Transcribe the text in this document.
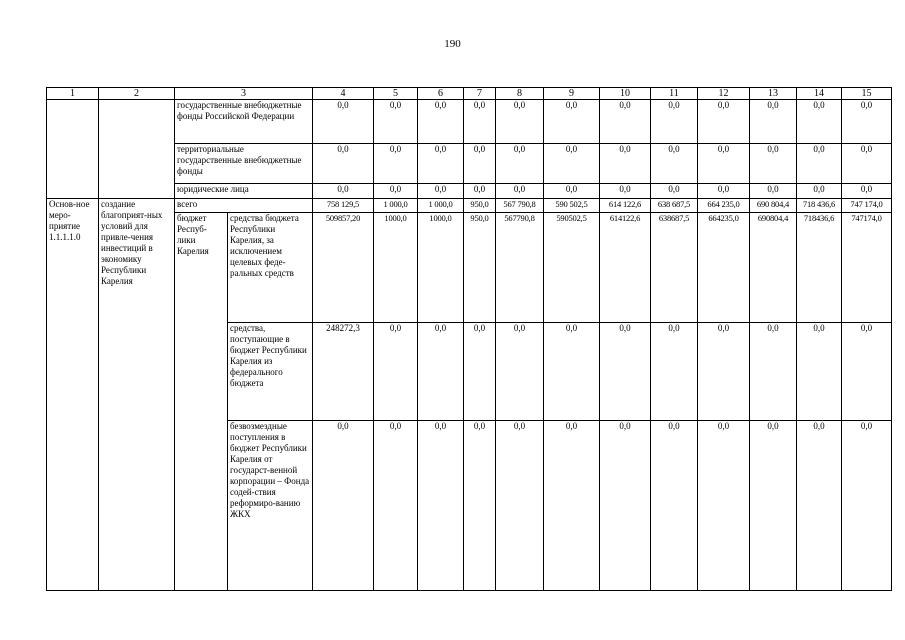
190
1	2	3		4	5	6	7	8	9	10	11	12	13	14	15
		государственные внебюджетные фонды Российской Федерации		0,0	0,0	0,0	0,0	0,0	0,0	0,0	0,0	0,0	0,0	0,0	0,0
		территориальные государственные внебюджетные фонды		0,0	0,0	0,0	0,0	0,0	0,0	0,0	0,0	0,0	0,0	0,0	0,0
		юридические лица		0,0	0,0	0,0	0,0	0,0	0,0	0,0	0,0	0,0	0,0	0,0	0,0
Основ-ное меро-приятие 1.1.1.1.0	создание благоприят-ных условий для привле-чения инвестиций в экономику Республики Карелия	всего		758 129,5	1 000,0	1 000,0	950,0	567 790,8	590 502,5	614 122,6	638 687,5	664 235,0	690 804,4	718 436,6	747 174,0
		бюджет Респуб-лики Карелия	средства бюджета Республики Карелия, за исключением целевых феде-ральных средств	509857,20	1000,0	1000,0	950,0	567790,8	590502,5	614122,6	638687,5	664235,0	690804,4	718436,6	747174,0
			средства, поступающие в бюджет Республики Карелия из федерального бюджета	248272,3	0,0	0,0	0,0	0,0	0,0	0,0	0,0	0,0	0,0	0,0	0,0
			безвозмездные поступления в бюджет Республики Карелия от государст-венной корпорации – Фонда содей-ствия реформиро-ванию ЖКХ	0,0	0,0	0,0	0,0	0,0	0,0	0,0	0,0	0,0	0,0	0,0	0,0
